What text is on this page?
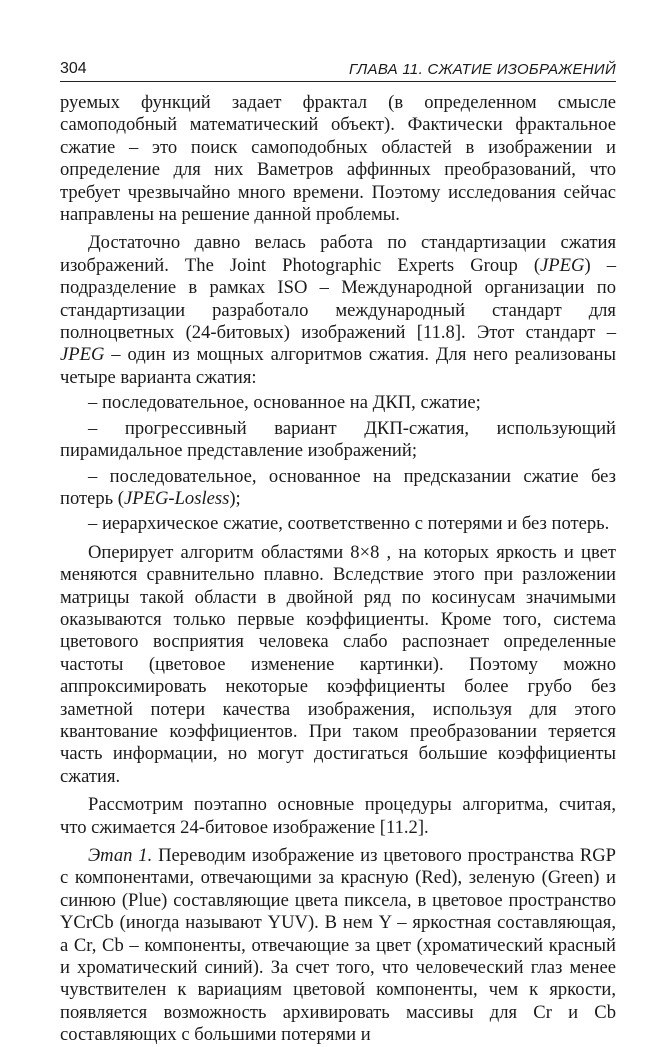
304	ГЛАВА 11. СЖАТИЕ ИЗОБРАЖЕНИЙ

руемых функций задает фрактал (в определенном смысле самоподобный математический объект). Фактически фрактальное сжатие – это поиск самоподобных областей в изображении и определение для них Ваметров аффинных преобразований, что требует чрезвычайно много времени. Поэтому исследования сейчас направлены на решение данной проблемы.

Достаточно давно велась работа по стандартизации сжатия изображений. The Joint Photographic Experts Group (JPEG) – подразделение в рамках ISO – Международной организации по стандартизации разработало международный стандарт для полноцветных (24-битовых) изображений [11.8]. Этот стандарт – JPEG – один из мощных алгоритмов сжатия. Для него реализованы четыре варианта сжатия:

– последовательное, основанное на ДКП, сжатие;

– прогрессивный вариант ДКП-сжатия, использующий пирамидальное представление изображений;

– последовательное, основанное на предсказании сжатие без потерь (JPEG-Losless);

– иерархическое сжатие, соответственно с потерями и без потерь.

Оперирует алгоритм областями 8×8 , на которых яркость и цвет меняются сравнительно плавно. Вследствие этого при разложении матрицы такой области в двойной ряд по косинусам значимыми оказываются только первые коэффициенты. Кроме того, система цветового восприятия человека слабо распознает определенные частоты (цветовое изменение картинки). Поэтому можно аппроксимировать некоторые коэффициенты более грубо без заметной потери качества изображения, используя для этого квантование коэффициентов. При таком преобразовании теряется часть информации, но могут достигаться большие коэффициенты сжатия.

Рассмотрим поэтапно основные процедуры алгоритма, считая, что сжимается 24-битовое изображение [11.2].

Этап 1. Переводим изображение из цветового пространства RGP с компонентами, отвечающими за красную (Red), зеленую (Green) и синюю (Plue) составляющие цвета пиксела, в цветовое пространство YCrCb (иногда называют YUV). В нем Y – яркостная составляющая, а Cr, Cb – компоненты, отвечающие за цвет (хроматический красный и хроматический синий). За счет того, что человеческий глаз менее чувствителен к вариациям цветовой компоненты, чем к яркости, появляется возможность архивировать массивы для Cr и Cb составляющих с большими потерями и
